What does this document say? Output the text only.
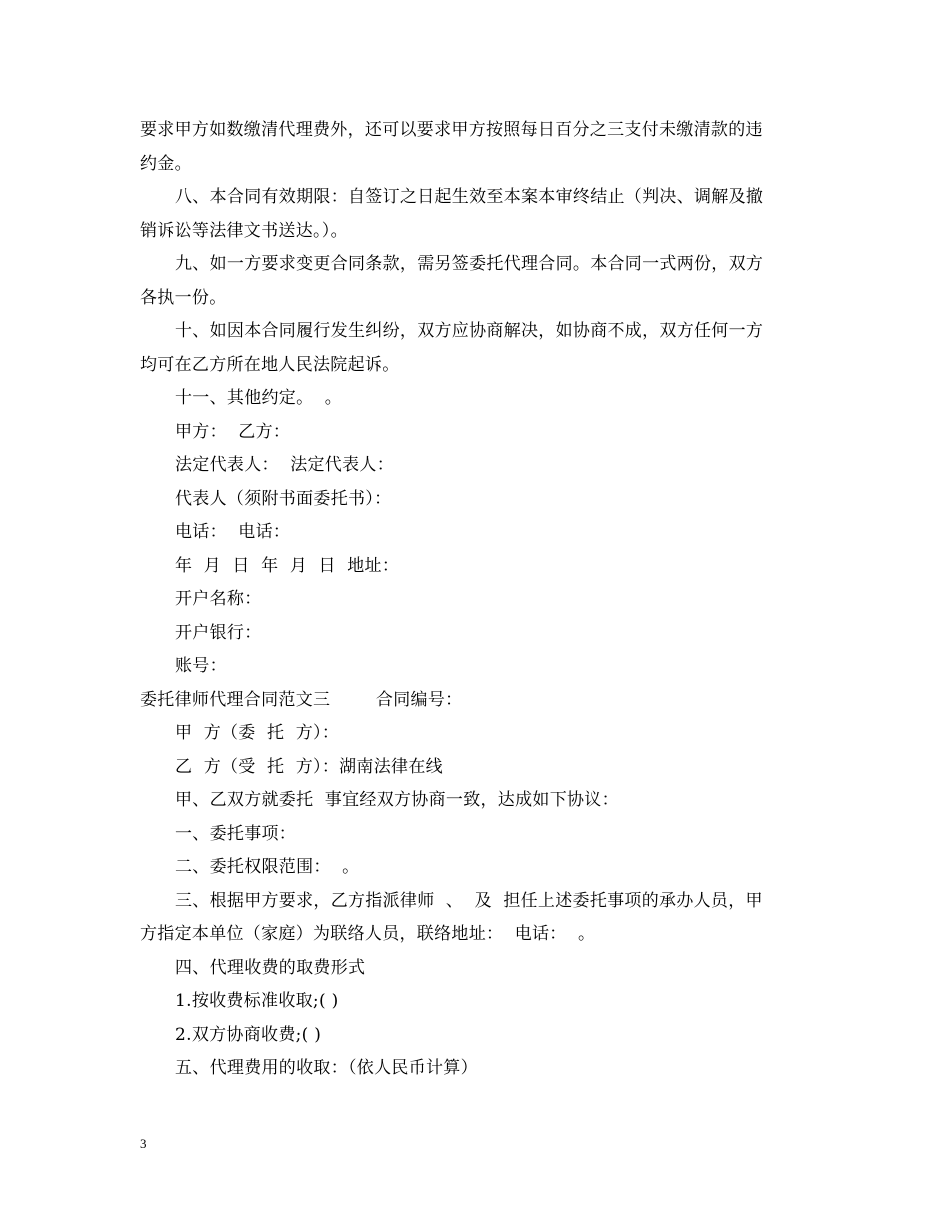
要求甲方如数缴清代理费外，还可以要求甲方按照每日百分之三支付未缴清款的违
约金。
八、本合同有效期限：自签订之日起生效至本案本审终结止（判决、调解及撤
销诉讼等法律文书送达。）。
九、如一方要求变更合同条款，需另签委托代理合同。本合同一式两份，双方
各执一份。
十、如因本合同履行发生纠纷，双方应协商解决，如协商不成，双方任何一方
均可在乙方所在地人民法院起诉。
十一、其他约定。  。
甲方：  乙方：
法定代表人：  法定代表人：
代表人（须附书面委托书）：
电话：  电话：
年  月  日  年  月  日  地址：
开户名称：
开户银行：
账号：
委托律师代理合同范文三        合同编号：
甲  方（委  托  方）：
乙  方（受  托  方）：湖南法律在线
甲、乙双方就委托  事宜经双方协商一致，达成如下协议：
一、委托事项：
二、委托权限范围：  。
三、根据甲方要求，乙方指派律师  、  及  担任上述委托事项的承办人员，甲
方指定本单位（家庭）为联络人员，联络地址：  电话：  。
四、代理收费的取费形式
1.按收费标准收取;( )
2.双方协商收费;( )
五、代理费用的收取：（依人民币计算）
3
